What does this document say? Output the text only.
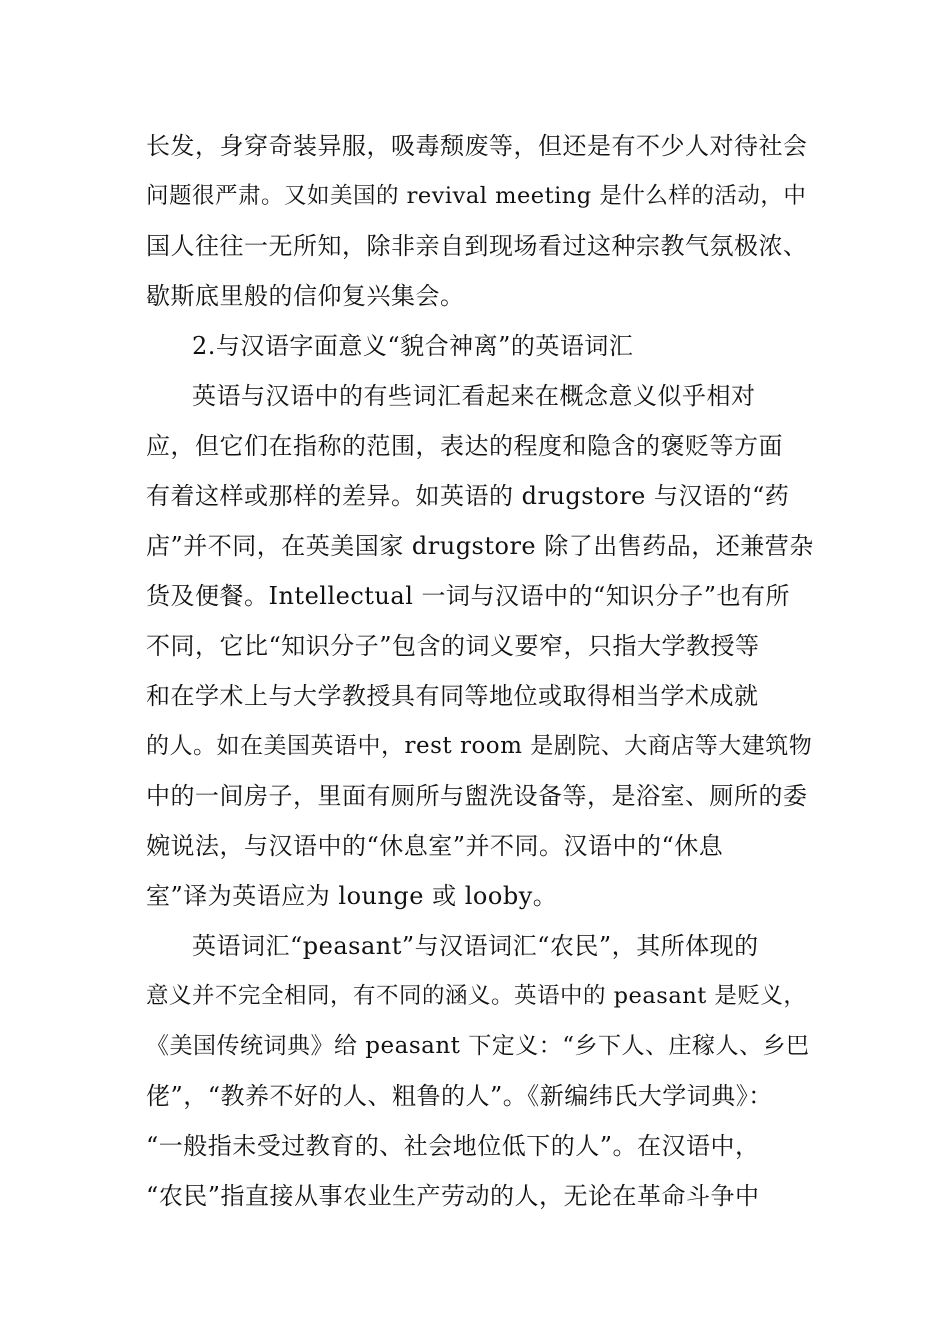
长发，身穿奇装异服，吸毒颓废等，但还是有不少人对待社会
问题很严肃。又如美国的 revival meeting 是什么样的活动，中
国人往往一无所知，除非亲自到现场看过这种宗教气氛极浓、
歇斯底里般的信仰复兴集会。
2.与汉语字面意义“貌合神离”的英语词汇
英语与汉语中的有些词汇看起来在概念意义似乎相对
应，但它们在指称的范围，表达的程度和隐含的褒贬等方面
有着这样或那样的差异。如英语的 drugstore 与汉语的“药
店”并不同，在英美国家 drugstore 除了出售药品，还兼营杂
货及便餐。Intellectual 一词与汉语中的“知识分子”也有所
不同，它比“知识分子”包含的词义要窄，只指大学教授等
和在学术上与大学教授具有同等地位或取得相当学术成就
的人。如在美国英语中，rest room 是剧院、大商店等大建筑物
中的一间房子，里面有厕所与盥洗设备等，是浴室、厕所的委
婉说法，与汉语中的“休息室”并不同。汉语中的“休息
室”译为英语应为 lounge 或 looby。
英语词汇“peasant”与汉语词汇“农民”，其所体现的
意义并不完全相同，有不同的涵义。英语中的 peasant 是贬义，
《美国传统词典》给 peasant 下定义：“乡下人、庄稼人、乡巴
佬”，“教养不好的人、粗鲁的人”。《新编纬氏大学词典》：
“一般指未受过教育的、社会地位低下的人”。在汉语中，
“农民”指直接从事农业生产劳动的人，无论在革命斗争中
